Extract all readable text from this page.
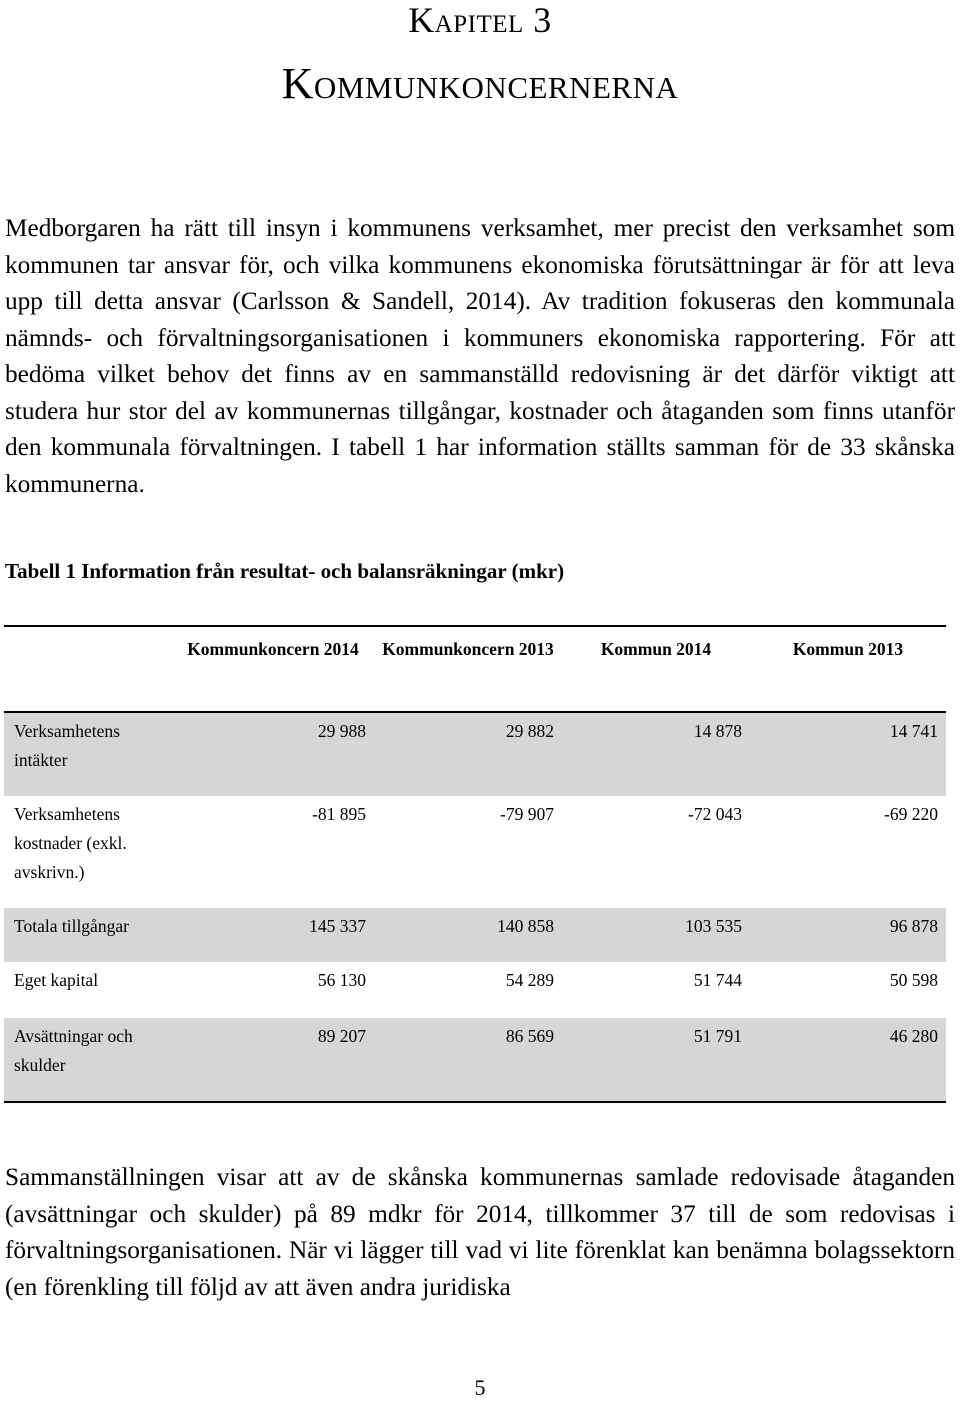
Kapitel 3
Kommunkoncernerna

Medborgaren ha rätt till insyn i kommunens verksamhet, mer precist den verksamhet som kommunen tar ansvar för, och vilka kommunens ekonomiska förutsättningar är för att leva upp till detta ansvar (Carlsson & Sandell, 2014). Av tradition fokuseras den kommunala nämnds- och förvaltningsorganisationen i kommuners ekonomiska rapportering. För att bedöma vilket behov det finns av en sammanställd redovisning är det därför viktigt att studera hur stor del av kommunernas tillgångar, kostnader och åtaganden som finns utanför den kommunala förvaltningen. I tabell 1 har information ställts samman för de 33 skånska kommunerna.

Tabell 1 Information från resultat- och balansräkningar (mkr)
	Kommunkoncern 2014	Kommunkoncern 2013	Kommun 2014	Kommun 2013
Verksamhetens intäkter	29 988	29 882	14 878	14 741
Verksamhetens kostnader (exkl. avskrivn.)	-81 895	-79 907	-72 043	-69 220
Totala tillgångar	145 337	140 858	103 535	96 878
Eget kapital	56 130	54 289	51 744	50 598
Avsättningar och skulder	89 207	86 569	51 791	46 280

Sammanställningen visar att av de skånska kommunernas samlade redovisade åtaganden (avsättningar och skulder) på 89 mdkr för 2014, tillkommer 37 till de som redovisas i förvaltningsorganisationen. När vi lägger till vad vi lite förenklat kan benämna bolagssektorn (en förenkling till följd av att även andra juridiska

5
